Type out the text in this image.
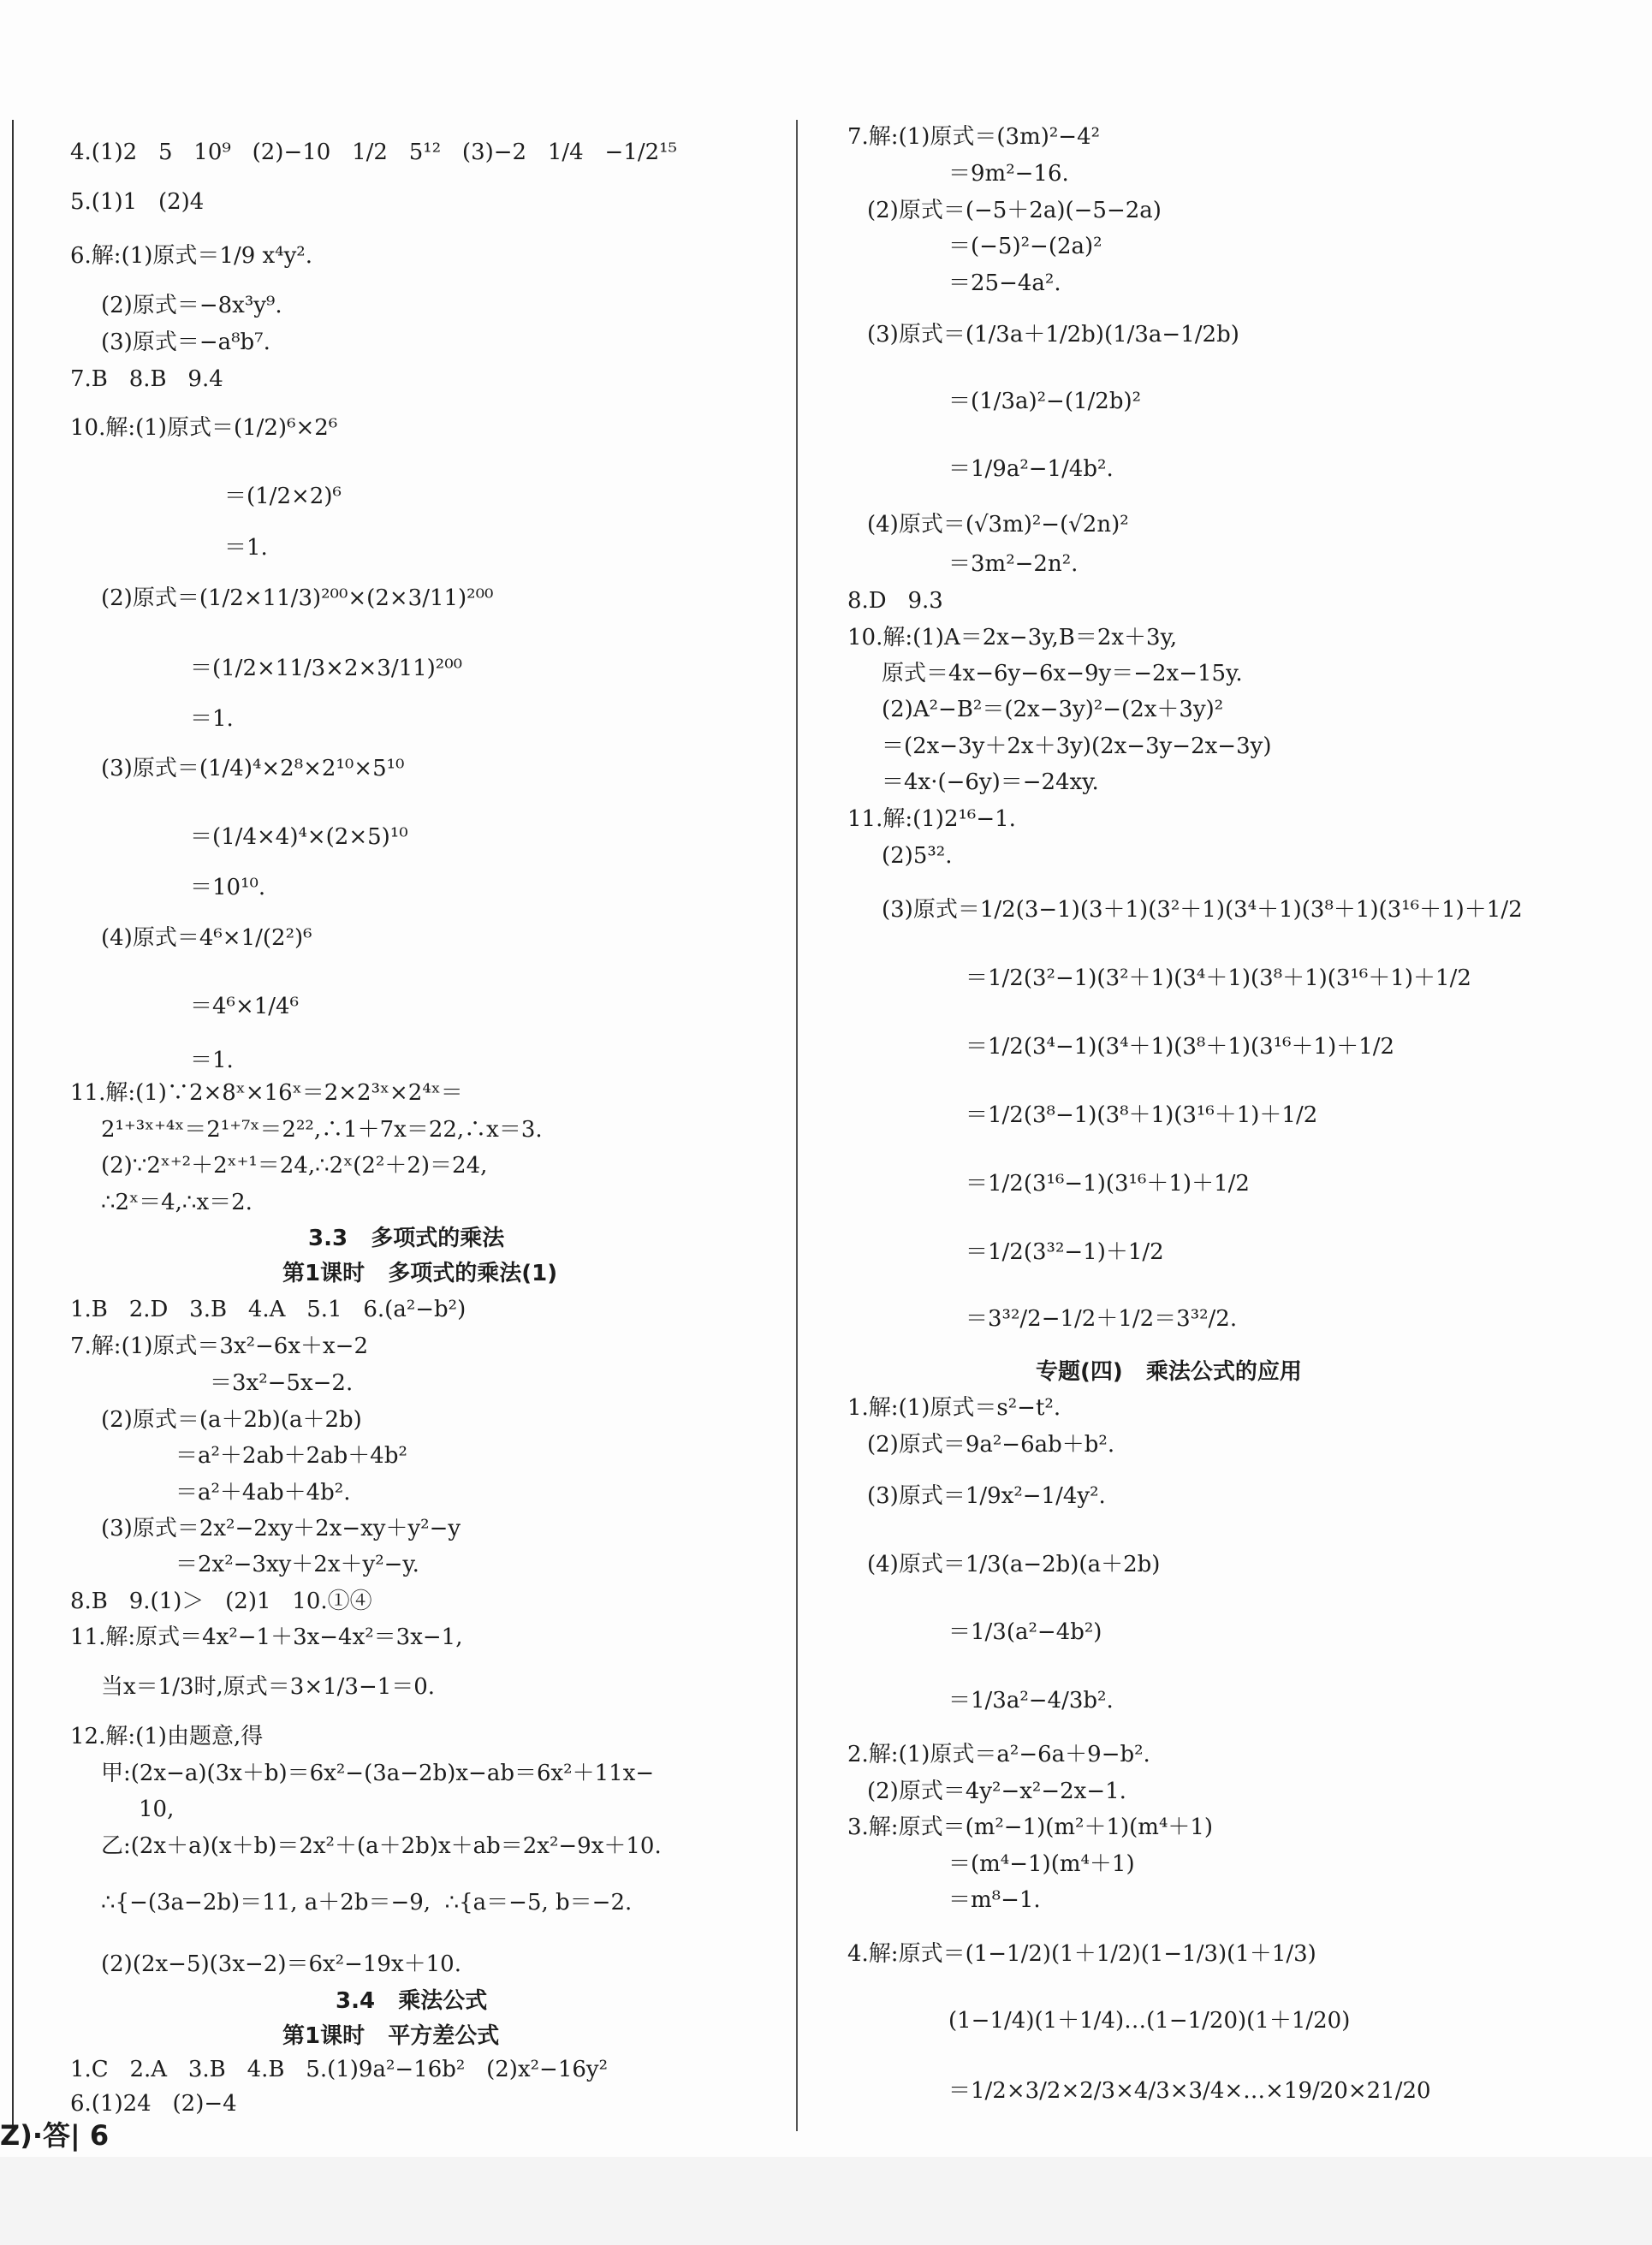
4.(1)2   5   10⁹   (2)−10   1/2   5¹²   (3)−2   1/4   −1/2¹⁵
5.(1)1   (2)4
6.解:(1)原式＝1/9 x⁴y².
(2)原式＝−8x³y⁹.
(3)原式＝−a⁸b⁷.
7.B   8.B   9.4
10.解:(1)原式＝(1/2)⁶×2⁶
＝(1/2×2)⁶
＝1.
(2)原式＝(1/2×11/3)²⁰⁰×(2×3/11)²⁰⁰
＝(1/2×11/3×2×3/11)²⁰⁰
＝1.
(3)原式＝(1/4)⁴×2⁸×2¹⁰×5¹⁰
＝(1/4×4)⁴×(2×5)¹⁰
＝10¹⁰.
(4)原式＝4⁶×1/(2²)⁶
＝4⁶×1/4⁶
＝1.
11.解:(1)∵2×8ˣ×16ˣ＝2×2³ˣ×2⁴ˣ＝
2¹⁺³ˣ⁺⁴ˣ＝2¹⁺⁷ˣ＝2²²,∴1＋7x＝22,∴x＝3.
(2)∵2ˣ⁺²＋2ˣ⁺¹＝24,∴2ˣ(2²＋2)＝24,
∴2ˣ＝4,∴x＝2.
3.3   多项式的乘法
第1课时   多项式的乘法(1)
1.B   2.D   3.B   4.A   5.1   6.(a²−b²)
7.解:(1)原式＝3x²−6x＋x−2
＝3x²−5x−2.
(2)原式＝(a＋2b)(a＋2b)
＝a²＋2ab＋2ab＋4b²
＝a²＋4ab＋4b².
(3)原式＝2x²−2xy＋2x−xy＋y²−y
＝2x²−3xy＋2x＋y²−y.
8.B   9.(1)＞   (2)1   10.①④
11.解:原式＝4x²−1＋3x−4x²＝3x−1,
当x＝1/3时,原式＝3×1/3−1＝0.
12.解:(1)由题意,得
甲:(2x−a)(3x＋b)＝6x²−(3a−2b)x−ab＝6x²＋11x−
10,
乙:(2x＋a)(x＋b)＝2x²＋(a＋2b)x＋ab＝2x²−9x＋10.
∴{−(3a−2b)＝11, a＋2b＝−9,  ∴{a＝−5, b＝−2.
(2)(2x−5)(3x−2)＝6x²−19x＋10.
3.4   乘法公式
第1课时   平方差公式
1.C   2.A   3.B   4.B   5.(1)9a²−16b²   (2)x²−16y²
6.(1)24   (2)−4
7.解:(1)原式＝(3m)²−4²
＝9m²−16.
(2)原式＝(−5＋2a)(−5−2a)
＝(−5)²−(2a)²
＝25−4a².
(3)原式＝(1/3a＋1/2b)(1/3a−1/2b)
＝(1/3a)²−(1/2b)²
＝1/9a²−1/4b².
(4)原式＝(√3m)²−(√2n)²
＝3m²−2n².
8.D   9.3
10.解:(1)A＝2x−3y,B＝2x＋3y,
原式＝4x−6y−6x−9y＝−2x−15y.
(2)A²−B²＝(2x−3y)²−(2x＋3y)²
＝(2x−3y＋2x＋3y)(2x−3y−2x−3y)
＝4x·(−6y)＝−24xy.
11.解:(1)2¹⁶−1.
(2)5³².
(3)原式＝1/2(3−1)(3＋1)(3²＋1)(3⁴＋1)(3⁸＋1)(3¹⁶＋1)＋1/2
＝1/2(3²−1)(3²＋1)(3⁴＋1)(3⁸＋1)(3¹⁶＋1)＋1/2
＝1/2(3⁴−1)(3⁴＋1)(3⁸＋1)(3¹⁶＋1)＋1/2
＝1/2(3⁸−1)(3⁸＋1)(3¹⁶＋1)＋1/2
＝1/2(3¹⁶−1)(3¹⁶＋1)＋1/2
＝1/2(3³²−1)＋1/2
＝3³²/2−1/2＋1/2＝3³²/2.
专题(四)   乘法公式的应用
1.解:(1)原式＝s²−t².
(2)原式＝9a²−6ab＋b².
(3)原式＝1/9x²−1/4y².
(4)原式＝1/3(a−2b)(a＋2b)
＝1/3(a²−4b²)
＝1/3a²−4/3b².
2.解:(1)原式＝a²−6a＋9−b².
(2)原式＝4y²−x²−2x−1.
3.解:原式＝(m²−1)(m²＋1)(m⁴＋1)
＝(m⁴−1)(m⁴＋1)
＝m⁸−1.
4.解:原式＝(1−1/2)(1＋1/2)(1−1/3)(1＋1/3)
(1−1/4)(1＋1/4)…(1−1/20)(1＋1/20)
＝1/2×3/2×2/3×4/3×3/4×…×19/20×21/20
Z)·答| 6
